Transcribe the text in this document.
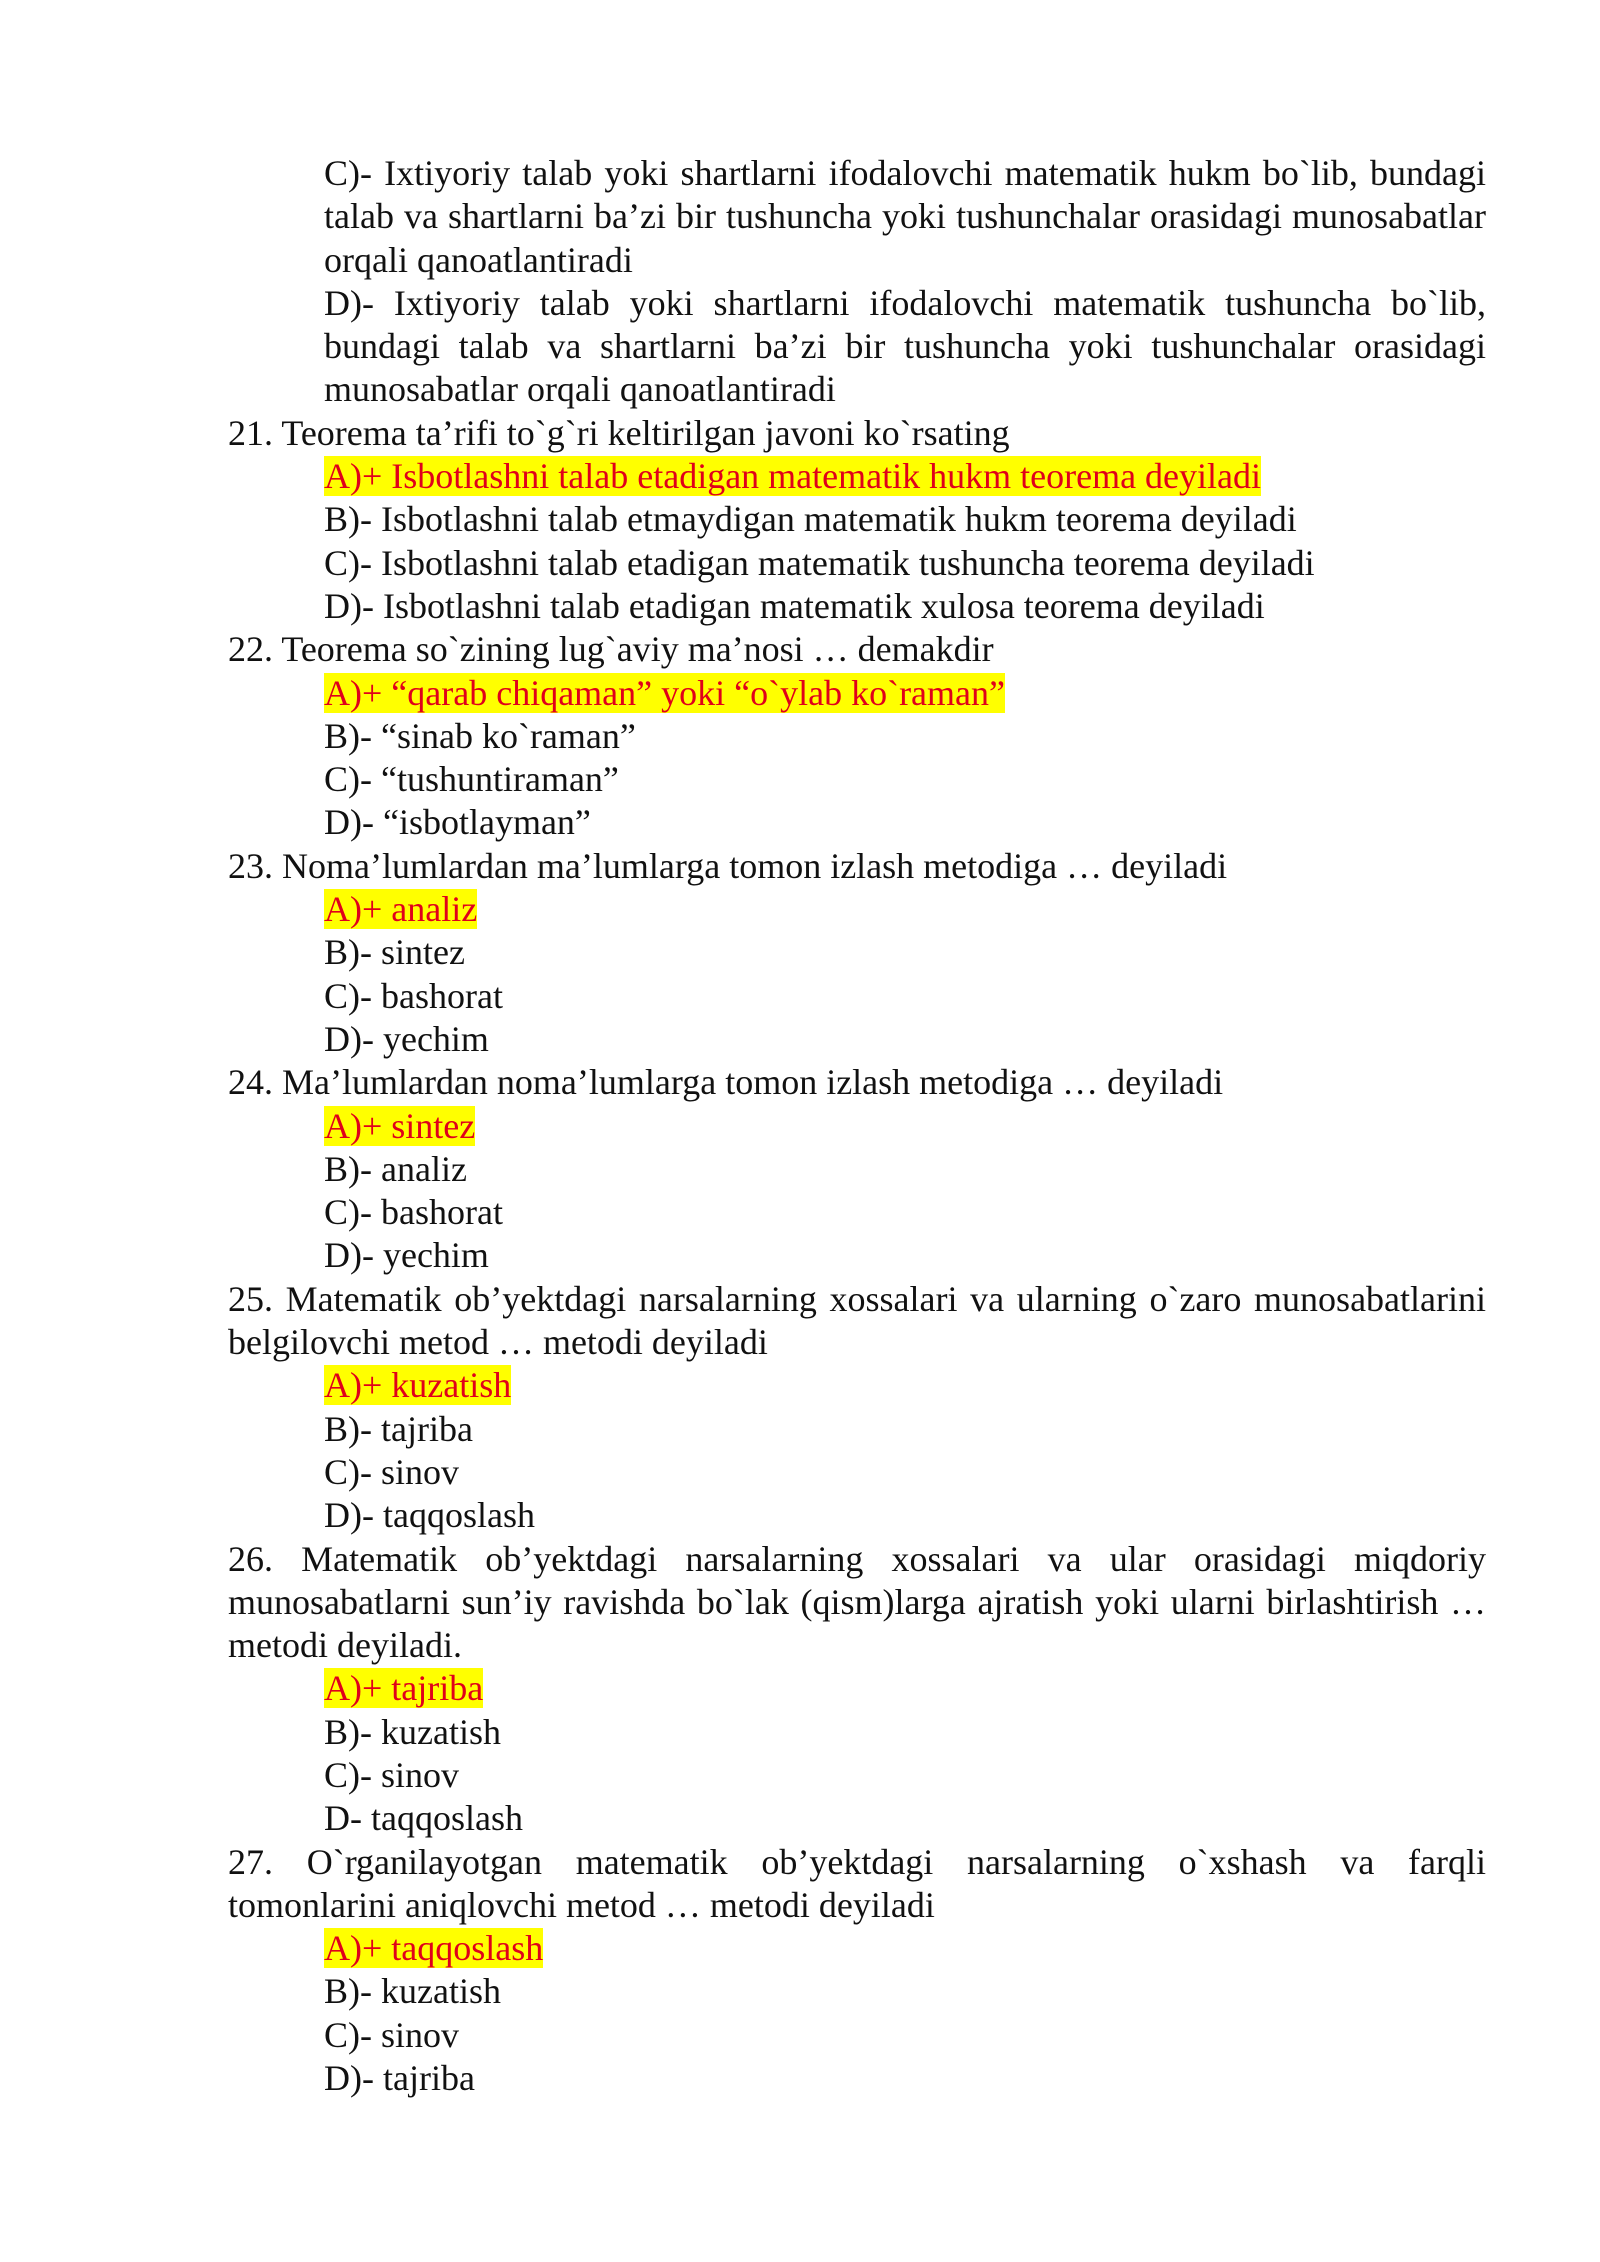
C)- Ixtiyoriy talab yoki shartlarni ifodalovchi matematik hukm bo`lib, bundagi talab va shartlarni ba’zi bir tushuncha yoki tushunchalar orasidagi munosabatlar orqali qanoatlantiradi
D)- Ixtiyoriy talab yoki shartlarni ifodalovchi matematik tushuncha bo`lib, bundagi talab va shartlarni ba’zi bir tushuncha yoki tushunchalar orasidagi munosabatlar orqali qanoatlantiradi
21. Teorema ta’rifi to`g`ri keltirilgan javoni ko`rsating
A)+ Isbotlashni talab etadigan matematik hukm teorema deyiladi
B)- Isbotlashni talab etmaydigan matematik hukm teorema deyiladi
C)- Isbotlashni talab etadigan matematik tushuncha teorema deyiladi
D)- Isbotlashni talab etadigan matematik xulosa teorema deyiladi
22. Teorema so`zining lug`aviy ma’nosi … demakdir
A)+ “qarab chiqaman” yoki “o`ylab ko`raman”
B)- “sinab ko`raman”
C)- “tushuntiraman”
D)- “isbotlayman”
23. Noma’lumlardan ma’lumlarga tomon izlash metodiga … deyiladi
A)+ analiz
B)- sintez
C)- bashorat
D)- yechim
24. Ma’lumlardan noma’lumlarga tomon izlash metodiga … deyiladi
A)+ sintez
B)- analiz
C)- bashorat
D)- yechim
25. Matematik ob’yektdagi narsalarning xossalari va ularning o`zaro munosabatlarini belgilovchi metod … metodi deyiladi
A)+ kuzatish
B)- tajriba
C)- sinov
D)- taqqoslash
26. Matematik ob’yektdagi narsalarning xossalari va ular orasidagi miqdoriy munosabatlarni sun’iy ravishda bo`lak (qism)larga ajratish yoki ularni birlashtirish … metodi deyiladi.
A)+ tajriba
B)- kuzatish
C)- sinov
D- taqqoslash
27. O`rganilayotgan matematik ob’yektdagi narsalarning o`xshash va farqli tomonlarini aniqlovchi metod … metodi deyiladi
A)+ taqqoslash
B)- kuzatish
C)- sinov
D)- tajriba
